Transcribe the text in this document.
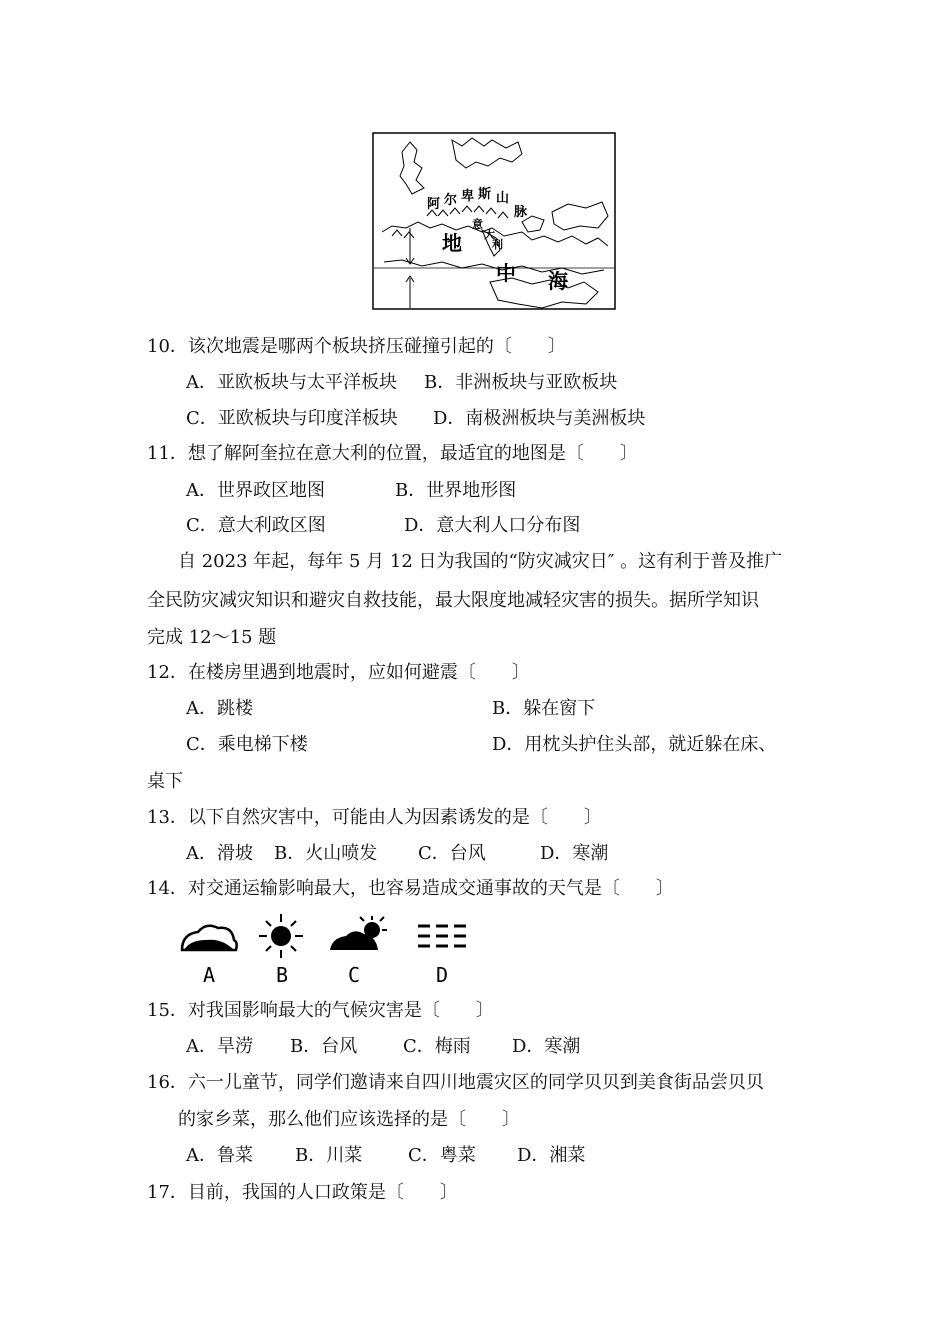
阿 尔 卑 斯 山
脉
地
中 海
意
大
利
10．该次地震是哪两个板块挤压碰撞引起的〔　　〕
A．亚欧板块与太平洋板块 B．非洲板块与亚欧板块
C．亚欧板块与印度洋板块 D．南极洲板块与美洲板块
11．想了解阿奎拉在意大利的位置，最适宜的地图是〔　　〕
A．世界政区地图	B．世界地形图
C．意大利政区图	D．意大利人口分布图
自 2023 年起，每年 5 月 12 日为我国的“防灾减灾日″ 。这有利于普及推广
全民防灾减灾知识和避灾自救技能，最大限度地减轻灾害的损失。据所学知识
完成 12～15 题
12．在楼房里遇到地震时，应如何避震〔　　〕
A．跳楼	B．躲在窗下
C．乘电梯下楼	D．用枕头护住头部，就近躲在床、
桌下
13．以下自然灾害中，可能由人为因素诱发的是〔　　〕
A．滑坡 B．火山喷发 C．台风	D．寒潮
14．对交通运输影响最大，也容易造成交通事故的天气是〔　　〕
A	B	C	D
15．对我国影响最大的气候灾害是〔　　〕
A．旱涝 B．台风	C．梅雨 D．寒潮
16．六一儿童节，同学们邀请来自四川地震灾区的同学贝贝到美食街品尝贝贝
的家乡菜，那么他们应该选择的是〔　　〕
A．鲁菜 B．川菜	C．粤菜 D．湘菜
17．目前，我国的人口政策是〔　　〕
